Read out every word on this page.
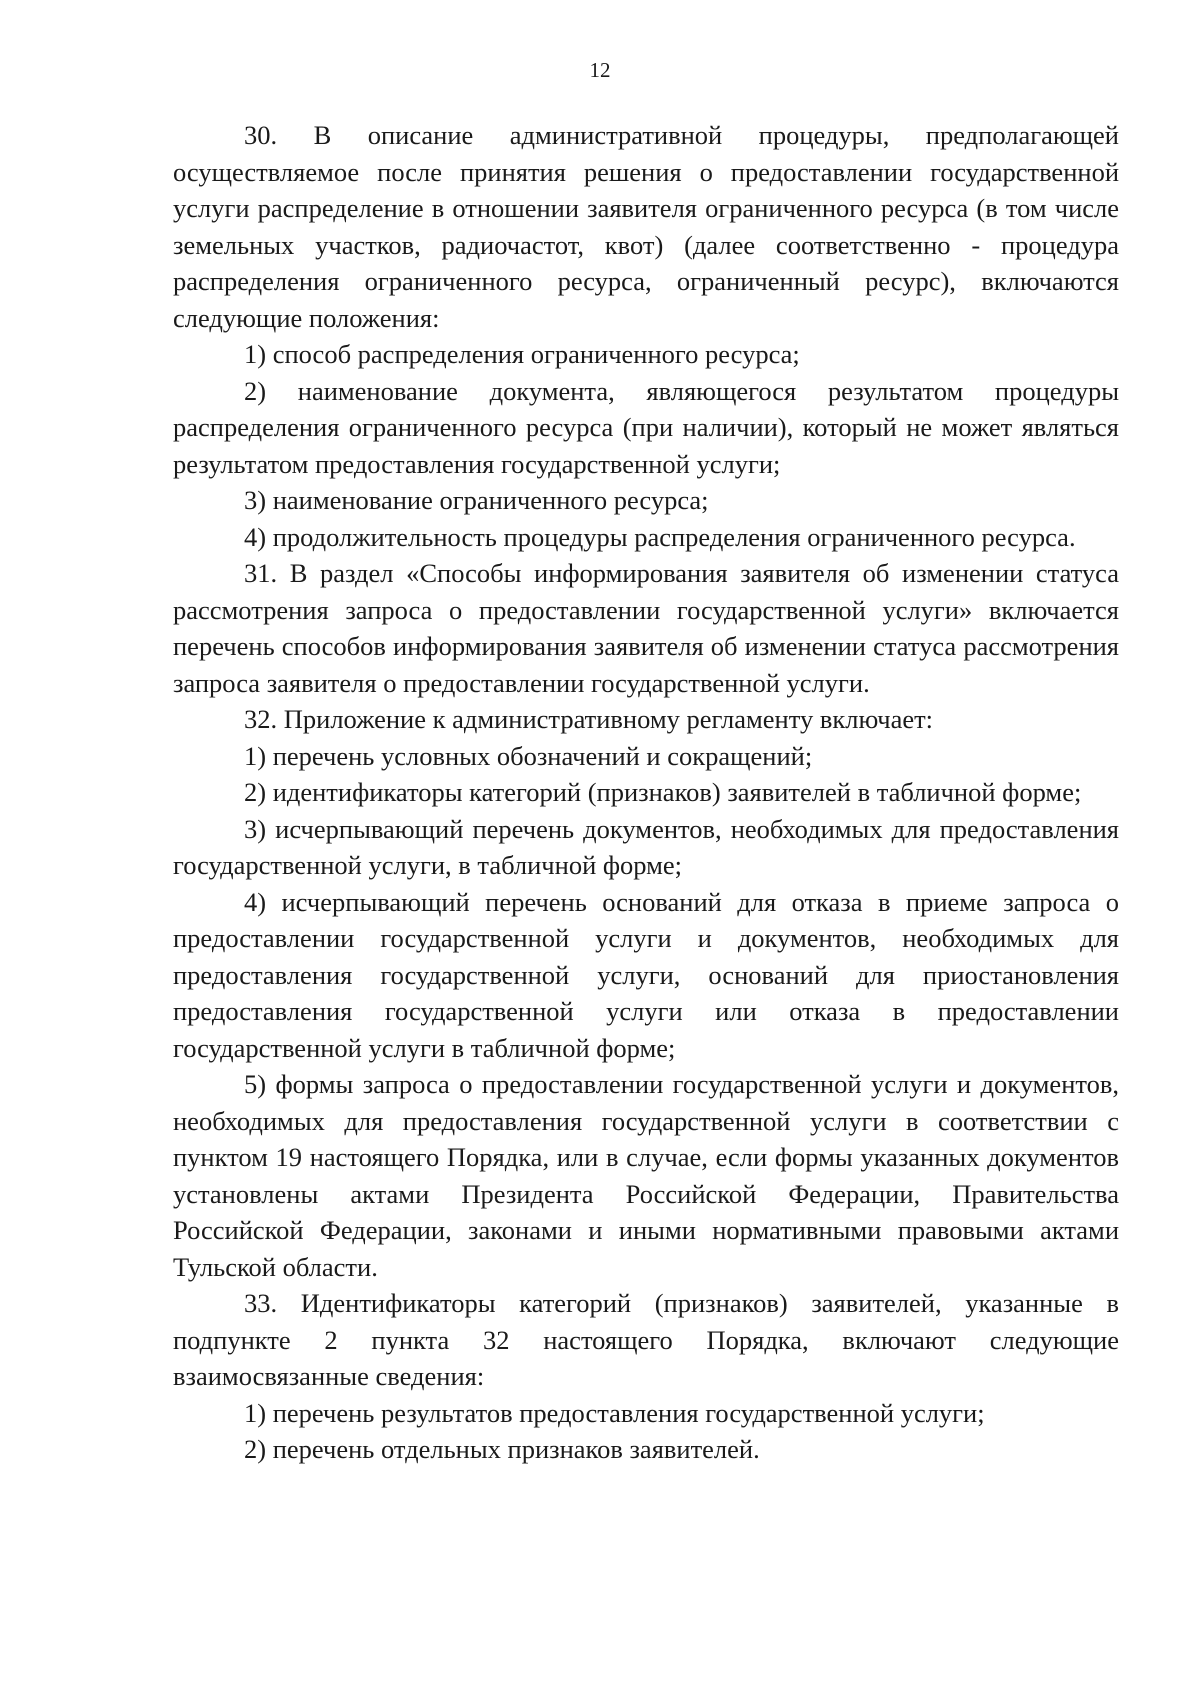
12

30. В описание административной процедуры, предполагающей осуществляемое после принятия решения о предоставлении государственной услуги распределение в отношении заявителя ограниченного ресурса (в том числе земельных участков, радиочастот, квот) (далее соответственно - процедура распределения ограниченного ресурса, ограниченный ресурс), включаются следующие положения:

1) способ распределения ограниченного ресурса;

2) наименование документа, являющегося результатом процедуры распределения ограниченного ресурса (при наличии), который не может являться результатом предоставления государственной услуги;

3) наименование ограниченного ресурса;

4) продолжительность процедуры распределения ограниченного ресурса.

31. В раздел «Способы информирования заявителя об изменении статуса рассмотрения запроса о предоставлении государственной услуги» включается перечень способов информирования заявителя об изменении статуса рассмотрения запроса заявителя о предоставлении государственной услуги.

32. Приложение к административному регламенту включает:

1) перечень условных обозначений и сокращений;

2) идентификаторы категорий (признаков) заявителей в табличной форме;

3) исчерпывающий перечень документов, необходимых для предоставления государственной услуги, в табличной форме;

4) исчерпывающий перечень оснований для отказа в приеме запроса о предоставлении государственной услуги и документов, необходимых для предоставления государственной услуги, оснований для приостановления предоставления государственной услуги или отказа в предоставлении государственной услуги в табличной форме;

5) формы запроса о предоставлении государственной услуги и документов, необходимых для предоставления государственной услуги в соответствии с пунктом 19 настоящего Порядка, или в случае, если формы указанных документов установлены актами Президента Российской Федерации, Правительства Российской Федерации, законами и иными нормативными правовыми актами Тульской области.

33. Идентификаторы категорий (признаков) заявителей, указанные в подпункте 2 пункта 32 настоящего Порядка, включают следующие взаимосвязанные сведения:

1) перечень результатов предоставления государственной услуги;

2) перечень отдельных признаков заявителей.
